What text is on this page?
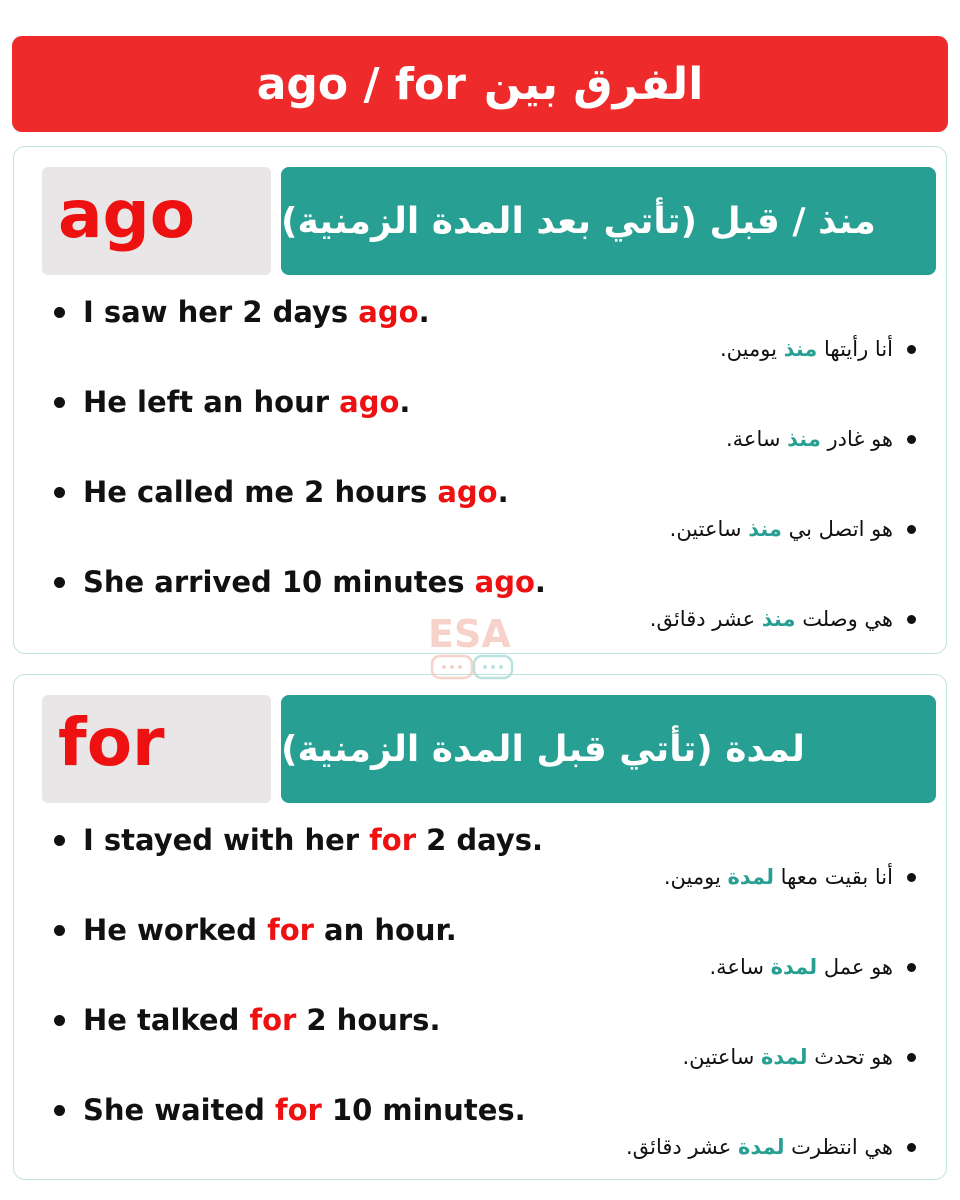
الفرق بين
ago / for
ago	منذ / قبل (تأتي بعد المدة الزمنية)
I saw her 2 days ago .
أنا رأيتها
منذ
يومين.
He left an hour ago .
هو غادر
منذ
ساعة.
He called me 2 hours ago .
هو اتصل بي
منذ
ساعتين.
She arrived 10 minutes ago .
هي وصلت
منذ
عشر دقائق.
for	لمدة (تأتي قبل المدة الزمنية)
I stayed with her for 2 days.
أنا بقيت معها
لمدة
يومين.
He worked for an hour.
هو عمل
لمدة
ساعة.
He talked for 2 hours.
هو تحدث
لمدة
ساعتين.
She waited for 10 minutes.
هي انتظرت
لمدة
عشر دقائق.
ESA
